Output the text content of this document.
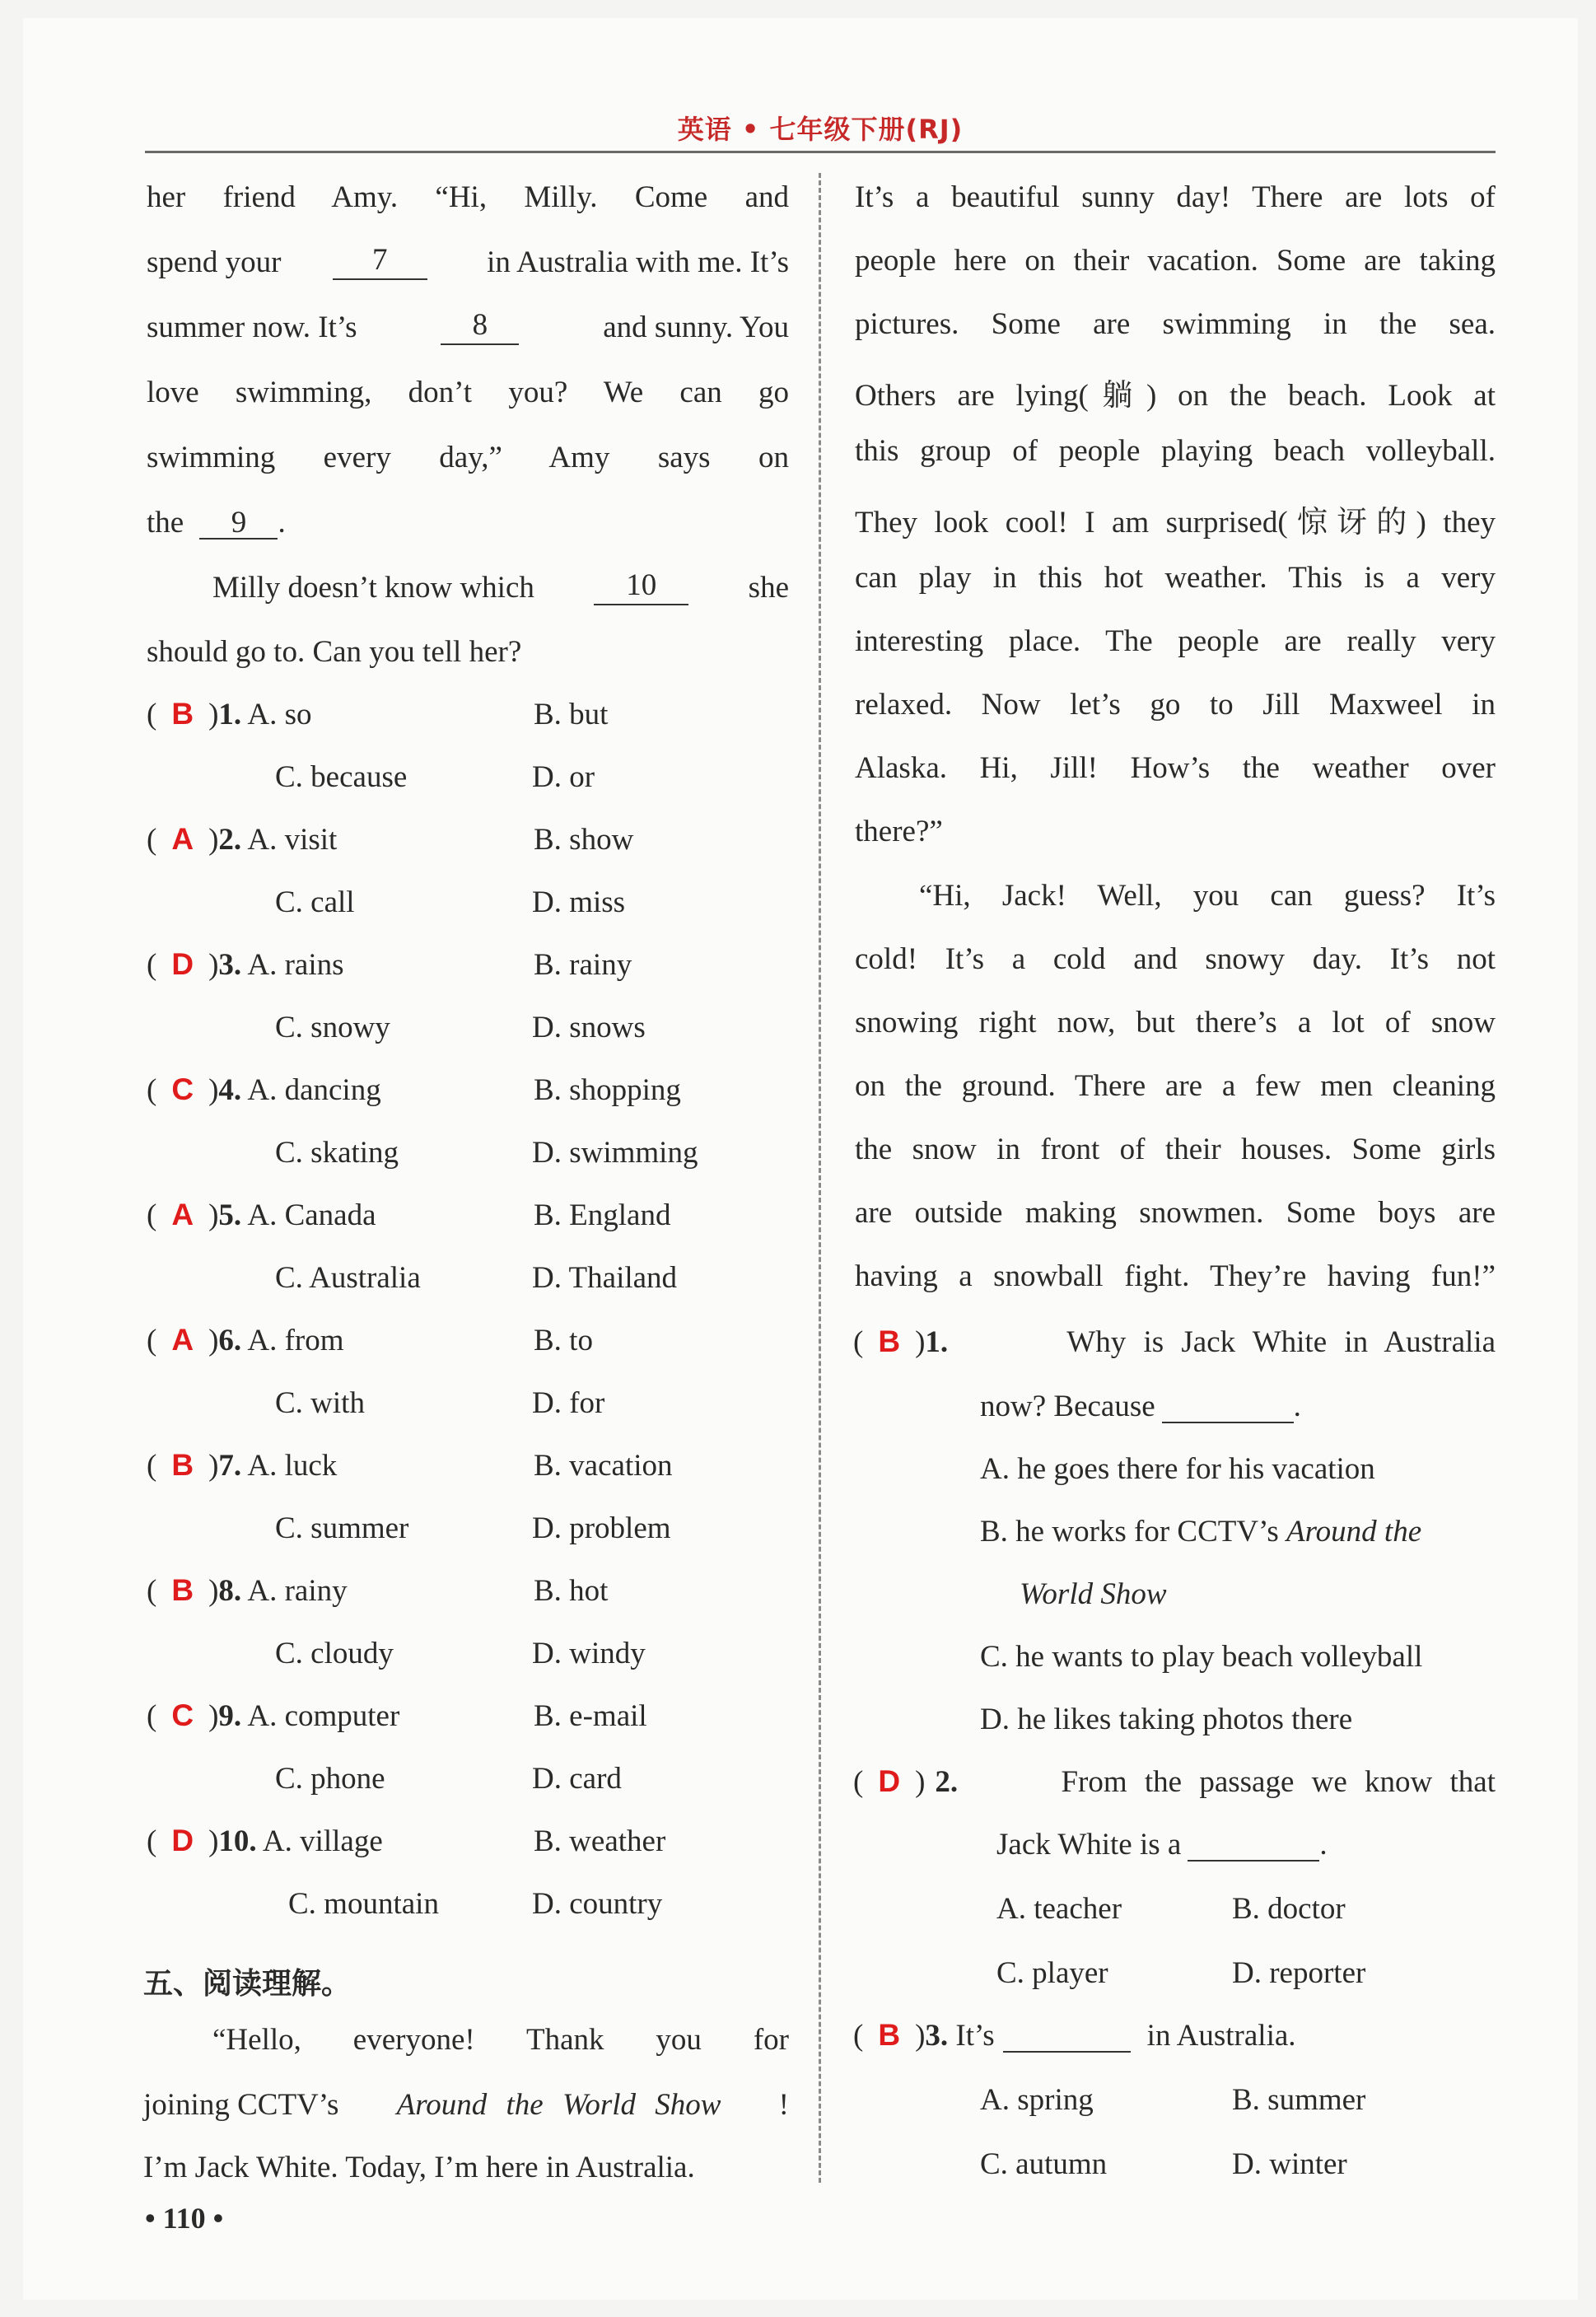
英语 • 七年级下册(RJ)
her friend Amy. “Hi, Milly. Come and
spend your	7	in Australia with me. It’s
summer now. It’s	8	and sunny. You
love swimming, don’t you? We can go
swimming every day,” Amy says on
the 9 .
Milly doesn’t know which	10	she
should go to. Can you tell her?
( B )1. A. so	B. but
C. because	D. or
( A )2. A. visit	B. show
C. call	D. miss
( D )3. A. rains	B. rainy
C. snowy	D. snows
( C )4. A. dancing	B. shopping
C. skating	D. swimming
( A )5. A. Canada	B. England
C. Australia	D. Thailand
( A )6. A. from	B. to
C. with	D. for
( B )7. A. luck	B. vacation
C. summer	D. problem
( B )8. A. rainy	B. hot
C. cloudy	D. windy
( C )9. A. computer	B. e-mail
C. phone	D. card
( D )10. A. village	B. weather
C. mountain	D. country
五、阅读理解。
“Hello, everyone! Thank you for
joining CCTV’s Around the World Show !
I’m Jack White. Today, I’m here in Australia.
It’s a beautiful sunny day! There are lots of
people here on their vacation. Some are taking
pictures. Some are swimming in the sea.
Others are lying(躺) on the beach. Look at
this group of people playing beach volleyball.
They look cool! I am surprised(惊讶的) they
can play in this hot weather. This is a very
interesting place. The people are really very
relaxed. Now let’s go to Jill Maxweel in
Alaska. Hi, Jill! How’s the weather over
there?”
“Hi, Jack! Well, you can guess? It’s
cold! It’s a cold and snowy day. It’s not
snowing right now, but there’s a lot of snow
on the ground. There are a few men cleaning
the snow in front of their houses. Some girls
are outside making snowmen. Some boys are
having a snowball fight. They’re having fun!”
( B )1.	Why is Jack White in Australia
now? Because	.
A. he goes there for his vacation
B. he works for CCTV’s Around the
World Show
C. he wants to play beach volleyball
D. he likes taking photos there
( D ) 2.	From the passage we know that
Jack White is a	.
A. teacher	B. doctor
C. player	D. reporter
( B )3. It’s	in Australia.
A. spring	B. summer
C. autumn	D. winter
• 110 •
